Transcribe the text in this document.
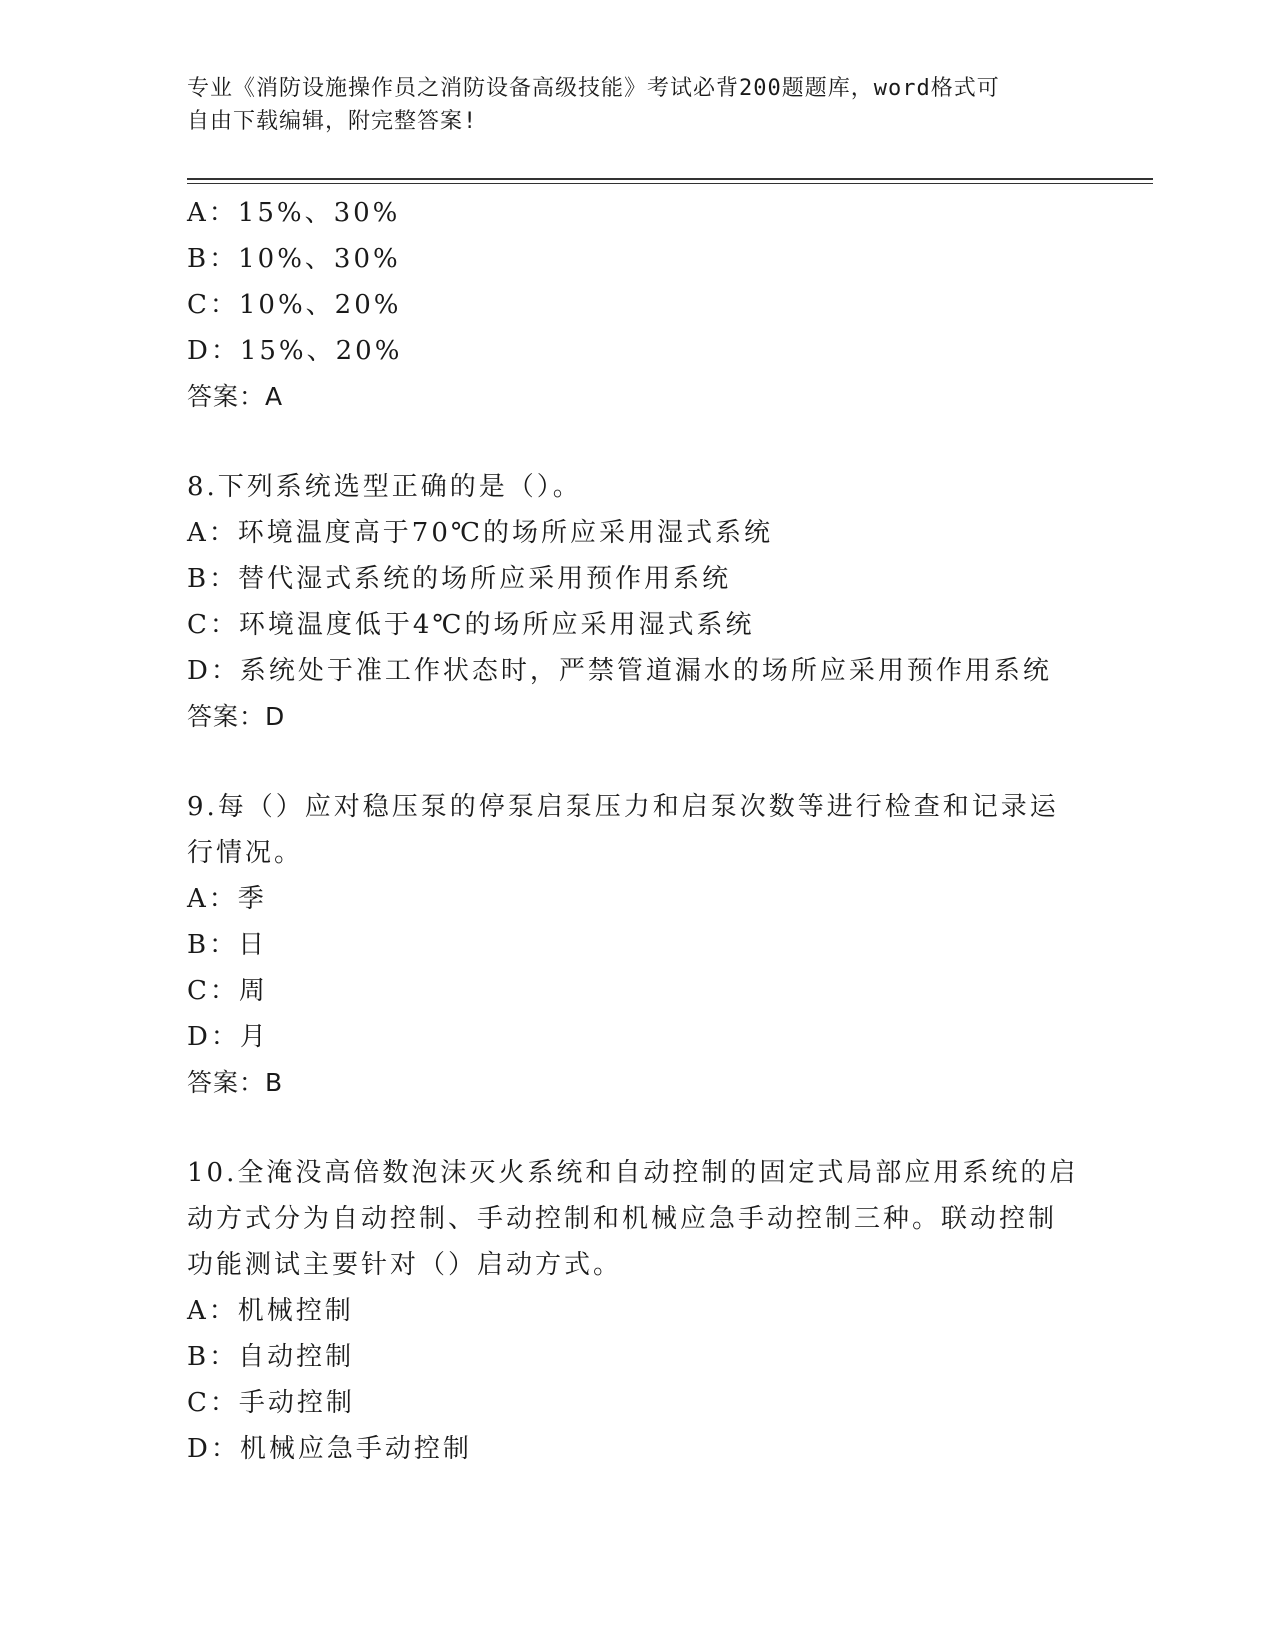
专业《消防设施操作员之消防设备高级技能》考试必背200题题库，word格式可
自由下载编辑，附完整答案!
A：15%、30%
B：10%、30%
C：10%、20%
D：15%、20%
答案：A
8.下列系统选型正确的是（）。
A：环境温度高于70℃的场所应采用湿式系统
B：替代湿式系统的场所应采用预作用系统
C：环境温度低于4℃的场所应采用湿式系统
D：系统处于准工作状态时，严禁管道漏水的场所应采用预作用系统
答案：D
9.每（）应对稳压泵的停泵启泵压力和启泵次数等进行检查和记录运
行情况。
A：季
B：日
C：周
D：月
答案：B
10.全淹没高倍数泡沫灭火系统和自动控制的固定式局部应用系统的启
动方式分为自动控制、手动控制和机械应急手动控制三种。联动控制
功能测试主要针对（）启动方式。
A：机械控制
B：自动控制
C：手动控制
D：机械应急手动控制
